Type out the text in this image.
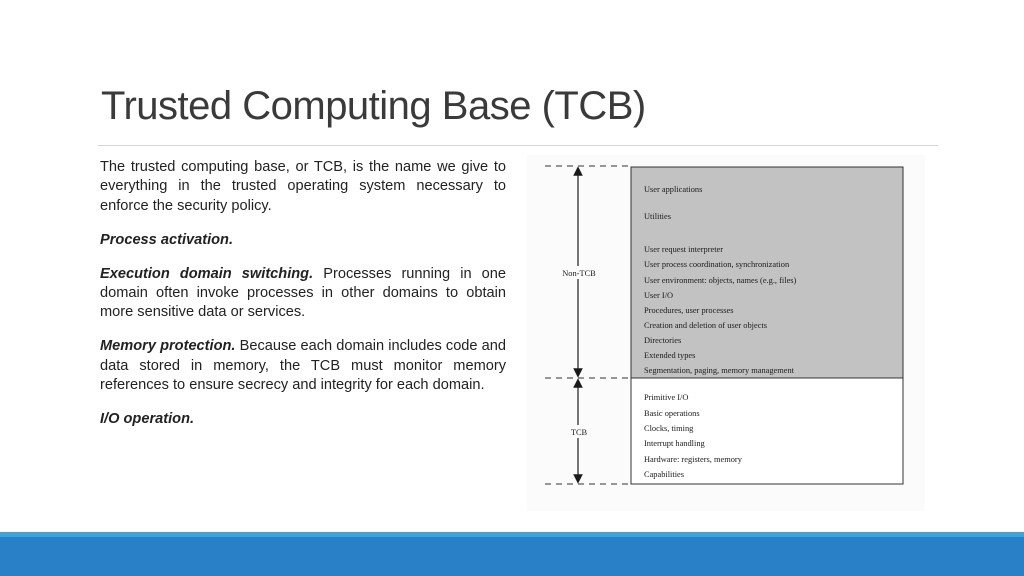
Trusted Computing Base (TCB)

The trusted computing base, or TCB, is the name we give to everything in the trusted operating system necessary to enforce the security policy.

Process activation.

Execution domain switching. Processes running in one domain often invoke processes in other domains to obtain more sensitive data or services.

Memory protection. Because each domain includes code and data stored in memory, the TCB must monitor memory references to ensure secrecy and integrity for each domain.

I/O operation.

Non-TCB
TCB
User applications
Utilities
User request interpreter
User process coordination, synchronization
User environment: objects, names (e.g., files)
User I/O
Procedures, user processes
Creation and deletion of user objects
Directories
Extended types
Segmentation, paging, memory management
Primitive I/O
Basic operations
Clocks, timing
Interrupt handling
Hardware: registers, memory
Capabilities
